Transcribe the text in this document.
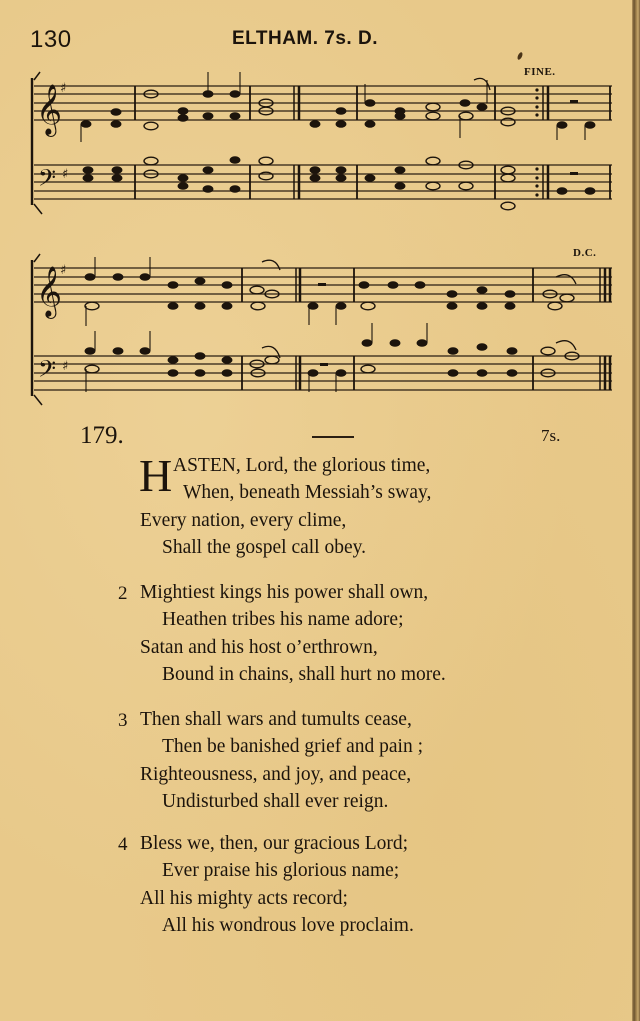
130	ELTHAM. 7s. D.
𝄞
𝄢
𝄞
𝄢
♯
♯
♯
♯
FINE.
D.C.
179.	7s.
H ASTEN, Lord, the glorious time,
When, beneath Messiah’s sway,
Every nation, every clime,
Shall the gospel call obey.
2 Mightiest kings his power shall own,
Heathen tribes his name adore;
Satan and his host o’erthrown,
Bound in chains, shall hurt no more.
3 Then shall wars and tumults cease,
Then be banished grief and pain ;
Righteousness, and joy, and peace,
Undisturbed shall ever reign.
4 Bless we, then, our gracious Lord;
Ever praise his glorious name;
All his mighty acts record;
All his wondrous love proclaim.
